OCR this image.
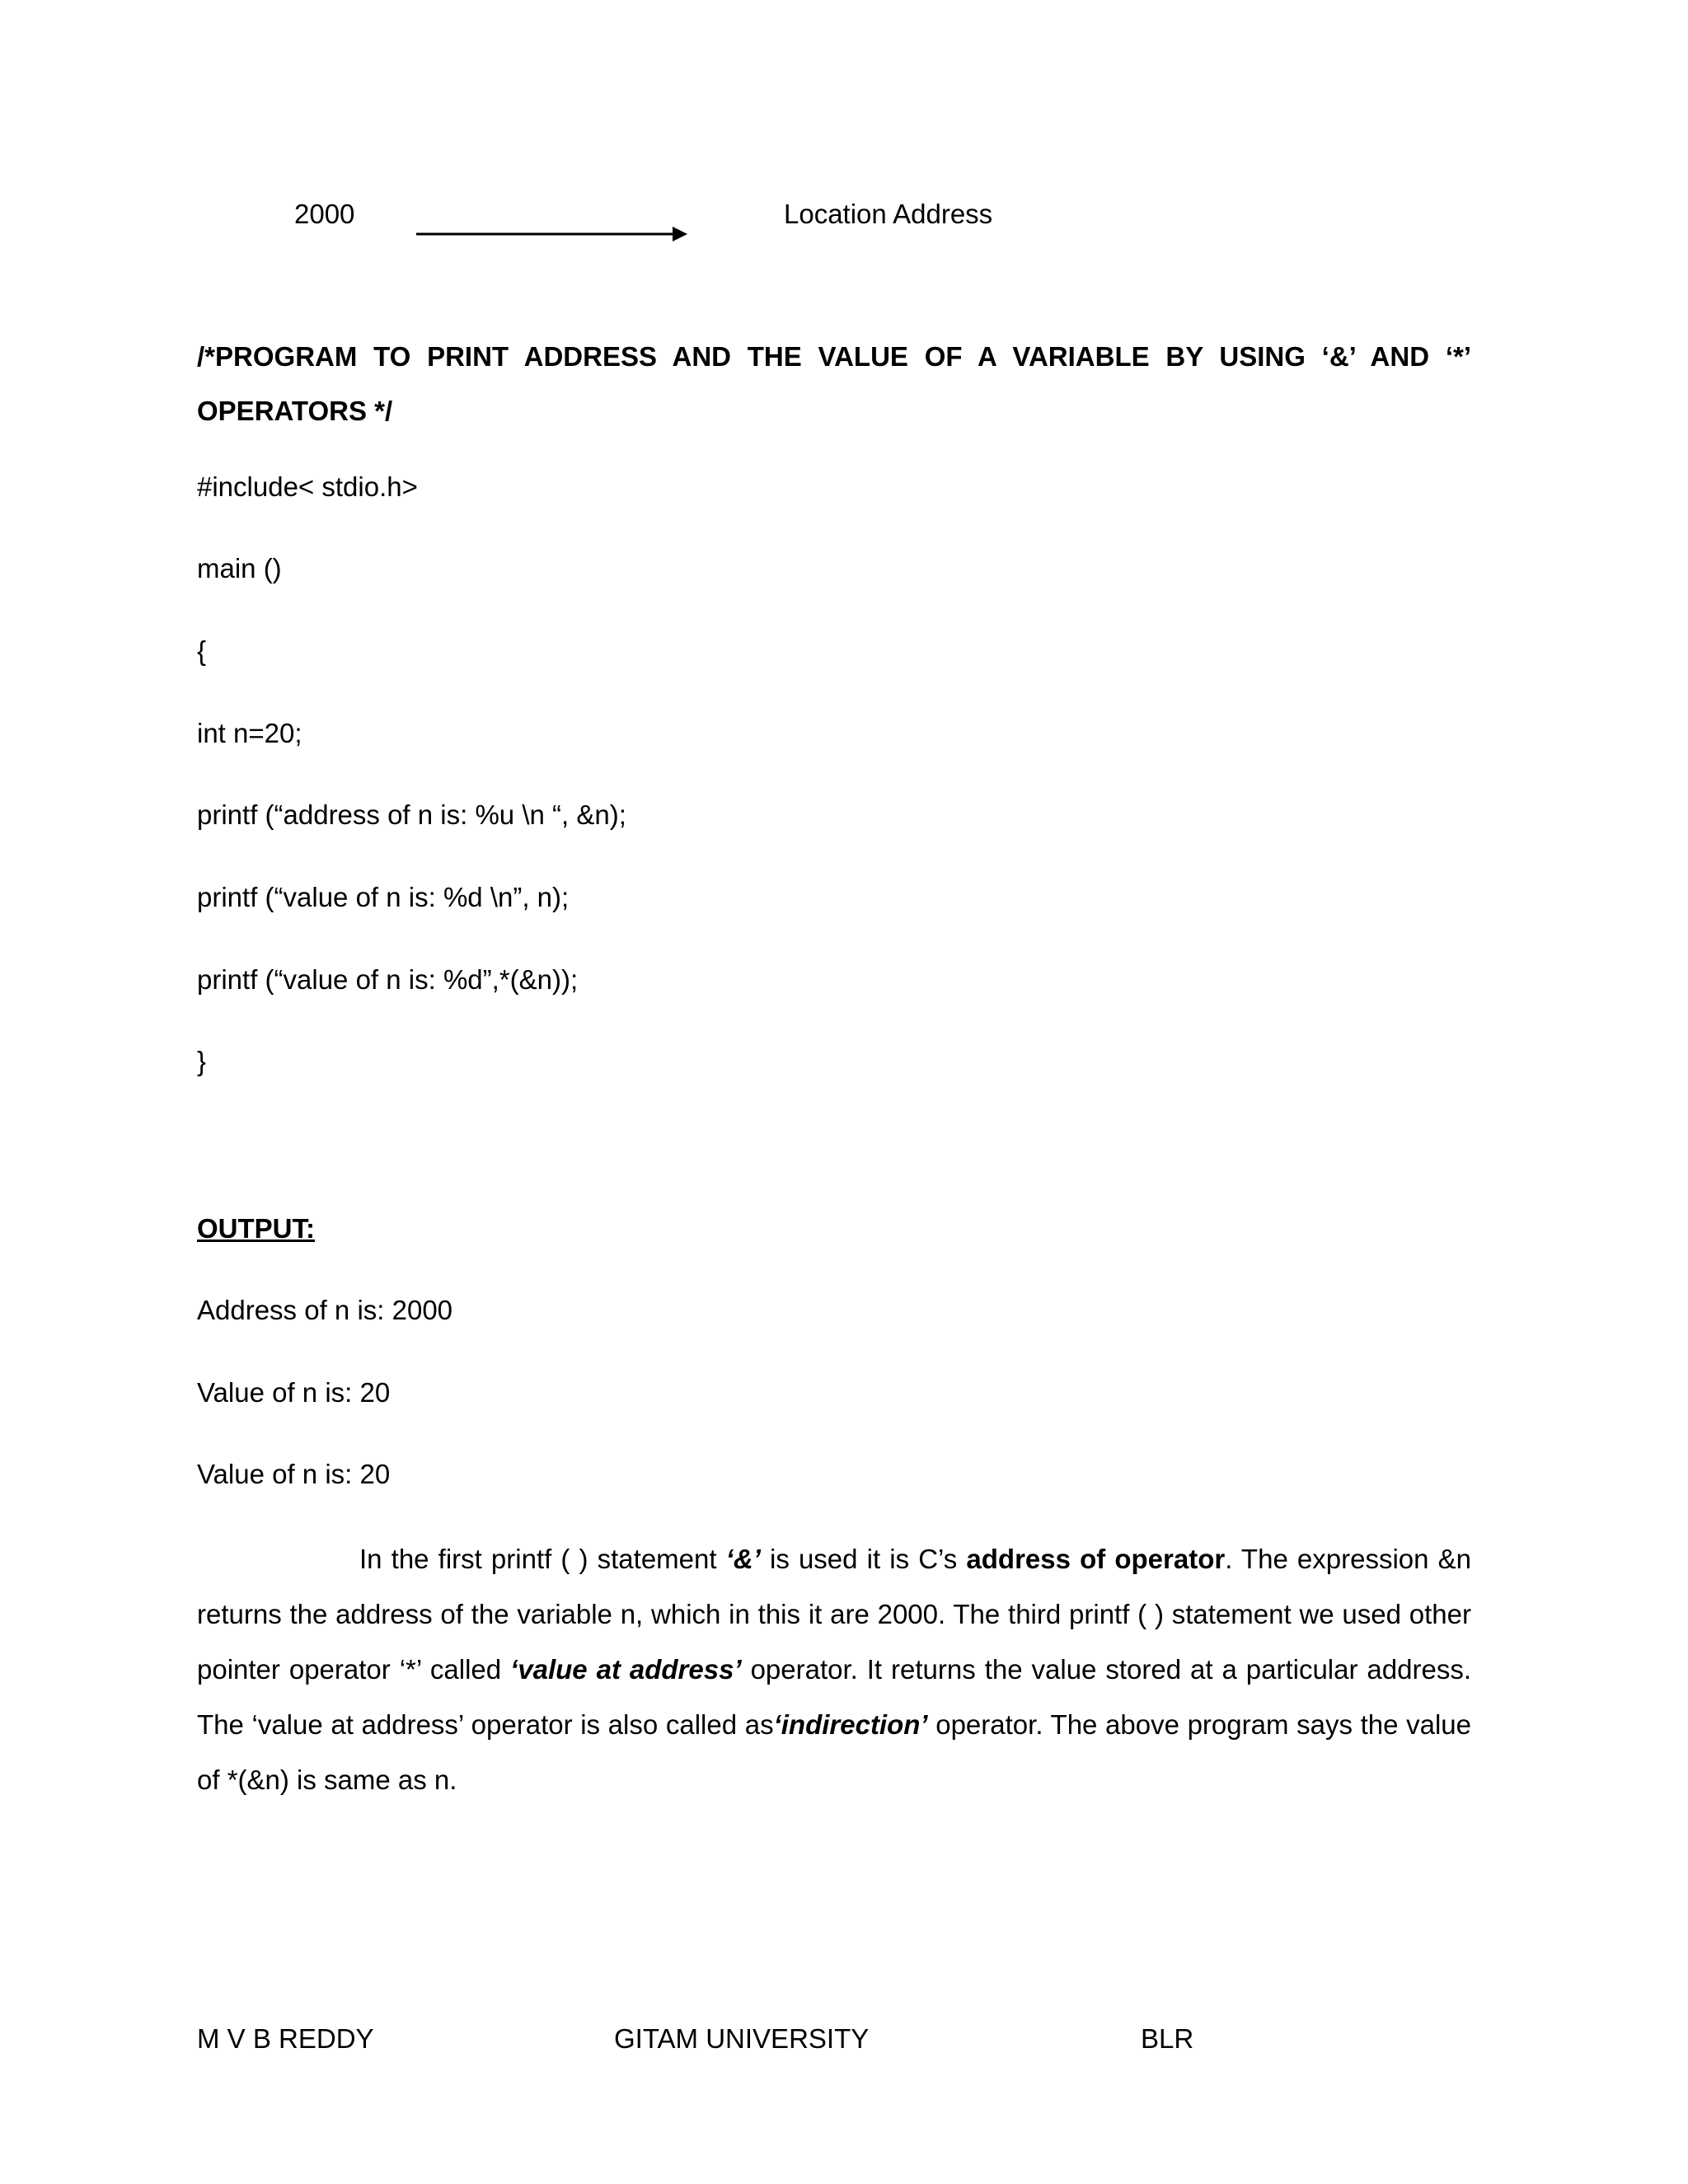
2000	Location Address
/*PROGRAM TO PRINT ADDRESS AND THE VALUE OF A VARIABLE BY USING ‘&’ AND ‘*’ OPERATORS */
#include< stdio.h>
main ()
{
int n=20;
printf (“address of n is: %u \n “, &n);
printf (“value of n is: %d \n”, n);
printf (“value of n is: %d”,*(&n));
}
OUTPUT:
Address of n is: 2000
Value of n is: 20
Value of n is: 20
In the first printf ( ) statement ‘&’ is used it is C’s address of operator. The expression &n returns the address of the variable n, which in this it are 2000. The third printf ( ) statement we used other pointer operator ‘*’ called ‘value at address’ operator. It returns the value stored at a particular address. The ‘value at address’ operator is also called as‘indirection’ operator. The above program says the value of *(&n) is same as n.
M V B REDDY	GITAM UNIVERSITY	BLR
